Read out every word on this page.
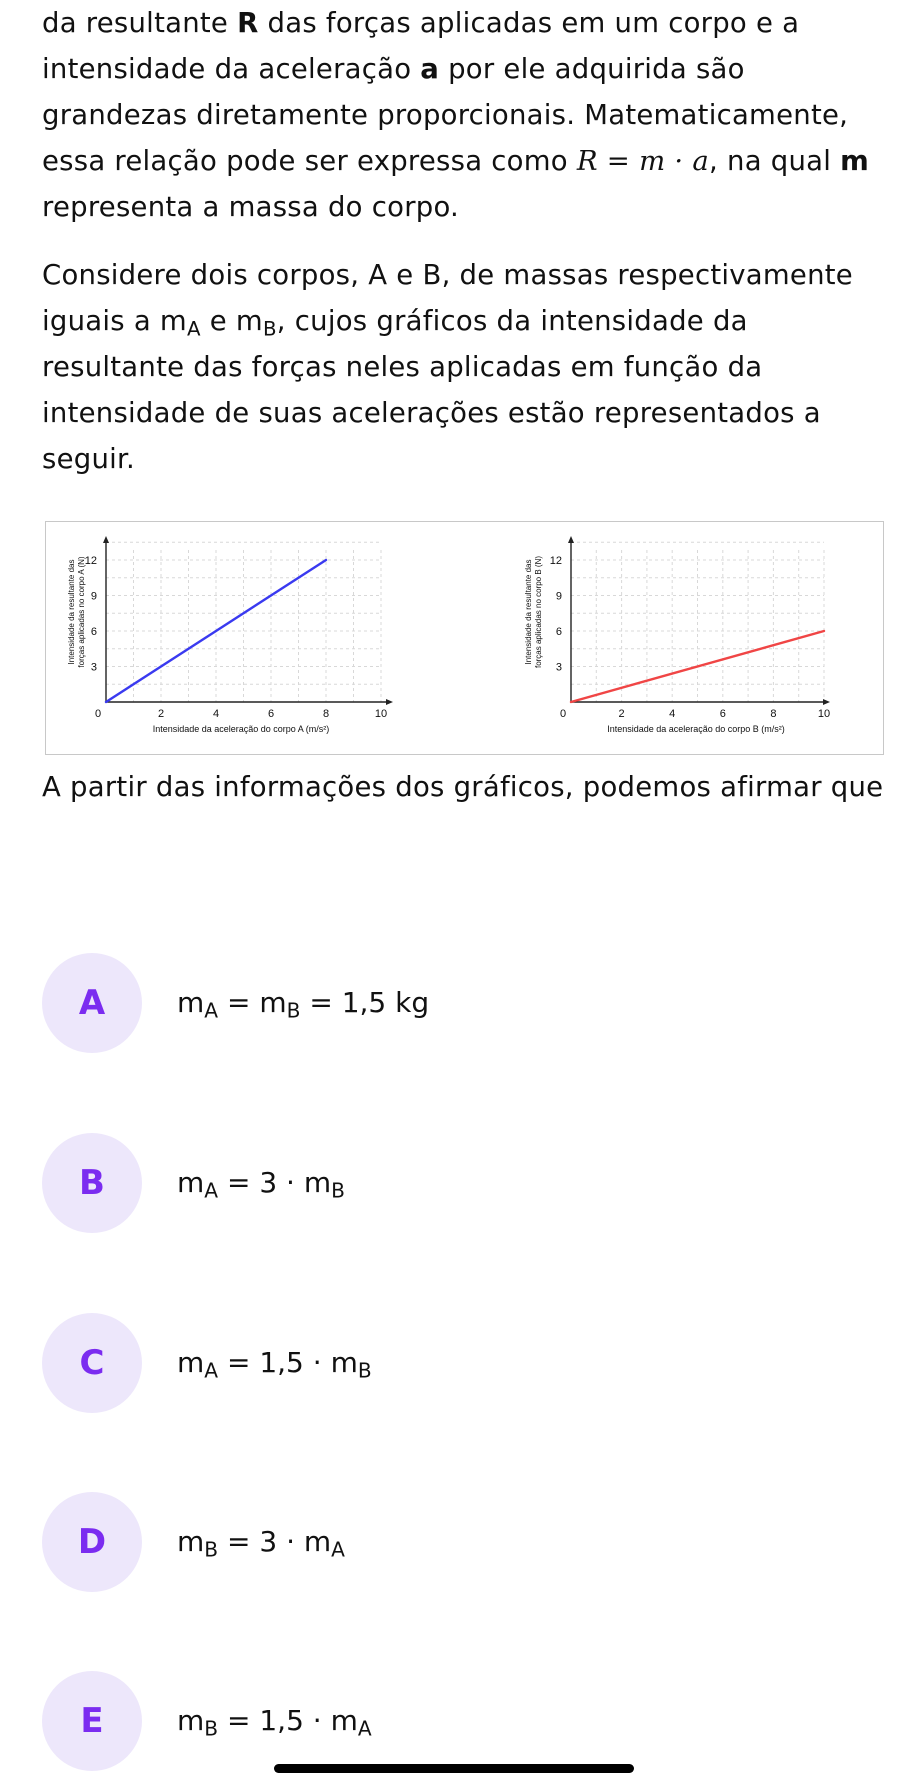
da resultante R das forças aplicadas em um corpo e a intensidade da aceleração a por ele adquirida são grandezas diretamente proporcionais. Matematicamente, essa relação pode ser expressa como R = m · a, na qual m representa a massa do corpo.

Considere dois corpos, A e B, de massas respectivamente iguais a $m_A$ e $m_B$, cujos gráficos da intensidade da resultante das forças neles aplicadas em função da intensidade de suas acelerações estão representados a seguir.

0	2	4	6	8	10
3
6
9
12
Intensidade da aceleração do corpo A (m/s²)
Intensidade da resultante das forças aplicadas no corpo A (N)
0	2	4	6	8	10
3
6
9
12
Intensidade da aceleração do corpo B (m/s²)
Intensidade da resultante das forças aplicadas no corpo B (N)

A partir das informações dos gráficos, podemos afirmar que

A	$m_A = m_B = 1,5$ kg
B	$m_A = 3 \cdot m_B$
C	$m_A = 1,5 \cdot m_B$
D	$m_B = 3 \cdot m_A$
E	$m_B = 1,5 \cdot m_A$
